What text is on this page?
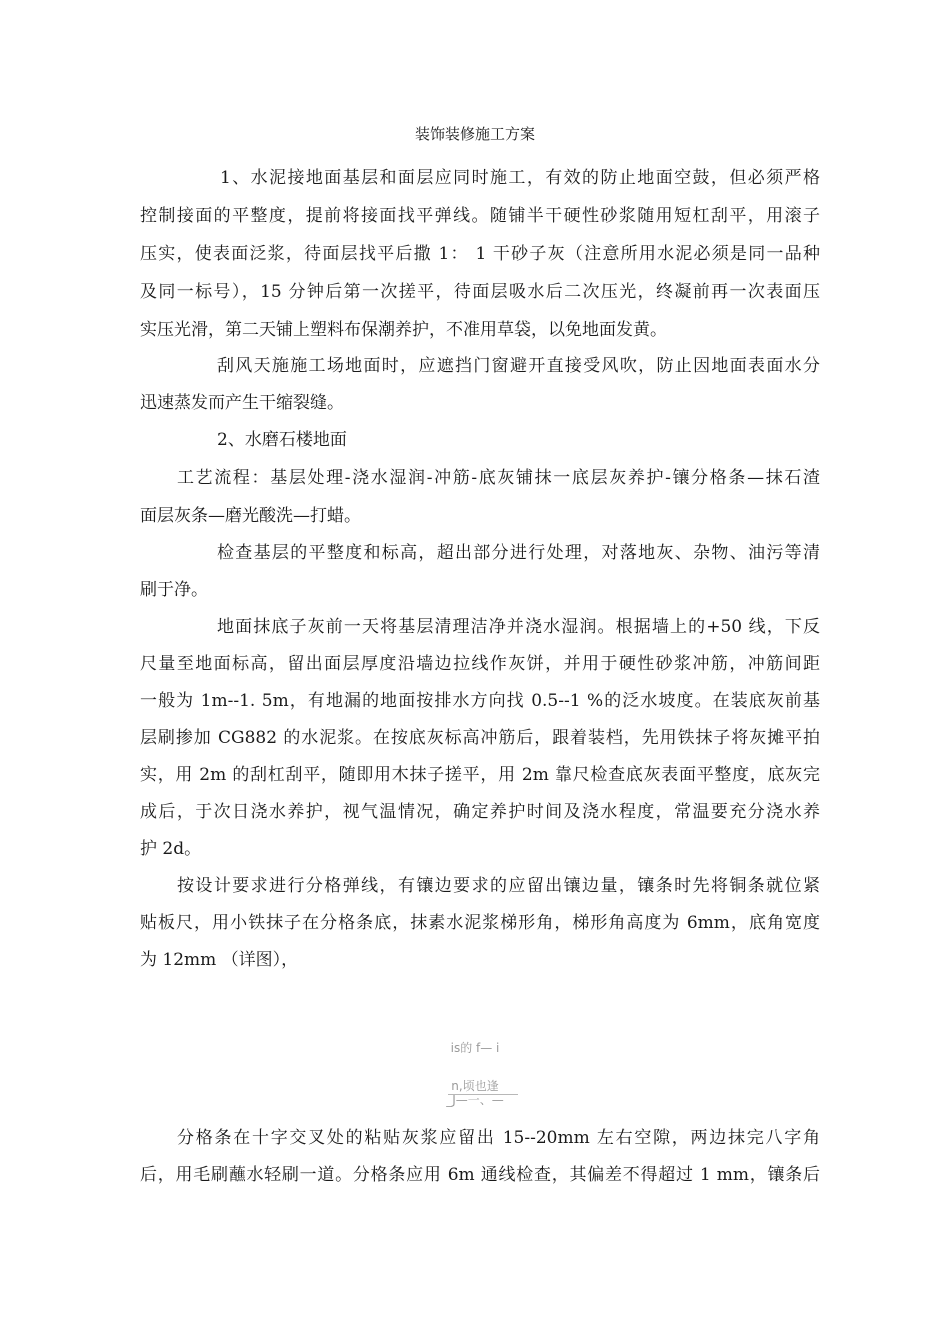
装饰装修施工方案
1、水泥接地面基层和面层应同时施工，有效的防止地面空鼓，但必须严格
控制接面的平整度，提前将接面找平弹线。随铺半干硬性砂浆随用短杠刮平，用滚子
压实，使表面泛浆，待面层找平后撒 1： 1 干砂子灰（注意所用水泥必须是同一品种
及同一标号），15 分钟后第一次搓平，待面层吸水后二次压光，终凝前再一次表面压
实压光滑，第二天铺上塑料布保潮养护，不准用草袋，以免地面发黄。
刮风天施施工场地面时，应遮挡门窗避开直接受风吹，防止因地面表面水分
迅速蒸发而产生干缩裂缝。
2、水磨石楼地面
工艺流程：基层处理-浇水湿润-冲筋-底灰铺抹一底层灰养护-镶分格条—抹石渣
面层灰条—磨光酸洗—打蜡。
检查基层的平整度和标高，超出部分进行处理，对落地灰、杂物、油污等清
刷于净。
地面抹底子灰前一天将基层清理洁净并浇水湿润。根据墙上的+50 线，下反
尺量至地面标高，留出面层厚度沿墙边拉线作灰饼，并用于硬性砂浆冲筋，冲筋间距
一般为 1m--1. 5m，有地漏的地面按排水方向找 0.5--1 %的泛水坡度。在装底灰前基
层刷掺加 CG882 的水泥浆。在按底灰标高冲筋后，跟着装档，先用铁抹子将灰摊平拍
实，用 2m 的刮杠刮平，随即用木抹子搓平，用 2m 靠尺检查底灰表面平整度，底灰完
成后，于次日浇水养护，视气温情况，确定养护时间及浇水程度，常温要充分浇水养
护 2d。
按设计要求进行分格弹线，有镶边要求的应留出镶边量，镶条时先将铜条就位紧
贴板尺，用小铁抹子在分格条底，抹素水泥浆梯形角，梯形角高度为 6mm，底角宽度
为 12mm （详图），
is的 f— i
n,顷也逢
_J—一、—
分格条在十字交叉处的粘贴灰浆应留出 15--20mm 左右空隙，两边抹完八字角
后，用毛刷蘸水轻刷一道。分格条应用 6m 通线检查，其偏差不得超过 1 mm，镶条后
